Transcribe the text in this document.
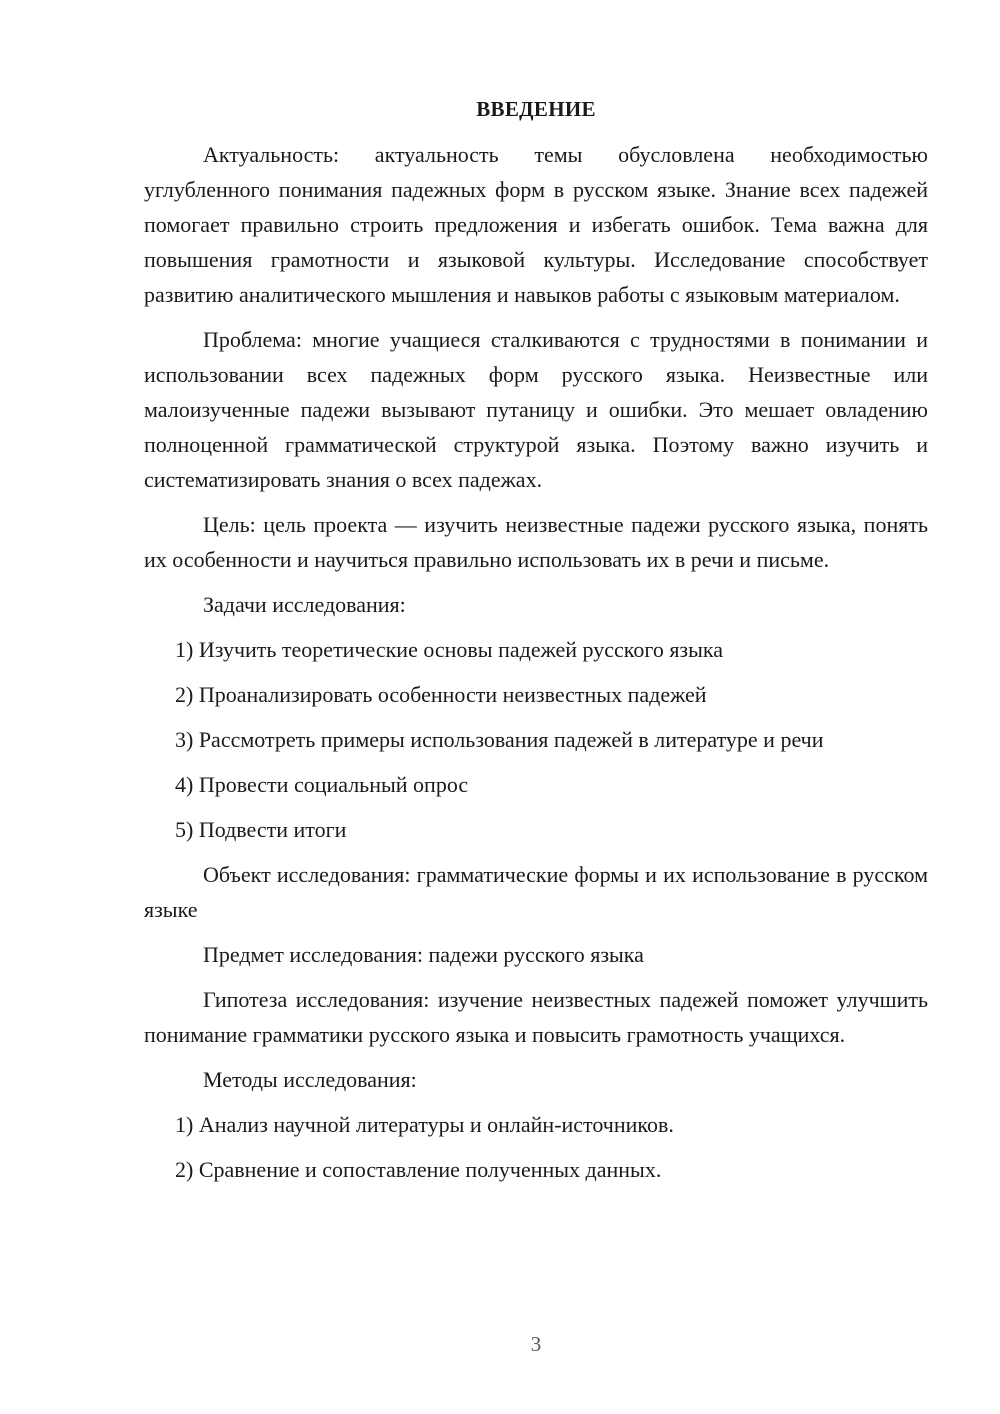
ВВЕДЕНИЕ

Актуальность: актуальность темы обусловлена необходимостью углубленного понимания падежных форм в русском языке. Знание всех падежей помогает правильно строить предложения и избегать ошибок. Тема важна для повышения грамотности и языковой культуры. Исследование способствует развитию аналитического мышления и навыков работы с языковым материалом.

Проблема: многие учащиеся сталкиваются с трудностями в понимании и использовании всех падежных форм русского языка. Неизвестные или малоизученные падежи вызывают путаницу и ошибки. Это мешает овладению полноценной грамматической структурой языка. Поэтому важно изучить и систематизировать знания о всех падежах.

Цель: цель проекта — изучить неизвестные падежи русского языка, понять их особенности и научиться правильно использовать их в речи и письме.

Задачи исследования:

1) Изучить теоретические основы падежей русского языка
2) Проанализировать особенности неизвестных падежей
3) Рассмотреть примеры использования падежей в литературе и речи
4) Провести социальный опрос
5) Подвести итоги

Объект исследования: грамматические формы и их использование в русском языке

Предмет исследования: падежи русского языка

Гипотеза исследования: изучение неизвестных падежей поможет улучшить понимание грамматики русского языка и повысить грамотность учащихся.

Методы исследования:

1) Анализ научной литературы и онлайн-источников.
2) Сравнение и сопоставление полученных данных.
3
